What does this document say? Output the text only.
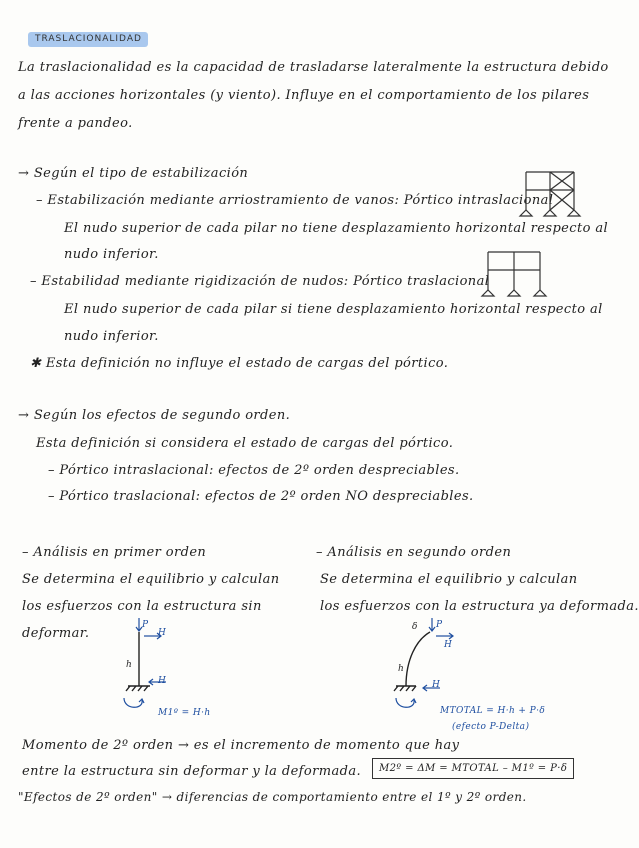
TRASLACIONALIDAD
La traslacionalidad es la capacidad de trasladarse lateralmente la estructura debido
a las acciones horizontales (y viento). Influye en el comportamiento de los pilares
frente a pandeo.
→ Según el tipo de estabilización
– Estabilización mediante arriostramiento de vanos: Pórtico intraslacional
El nudo superior de cada pilar no tiene desplazamiento horizontal respecto al
nudo inferior.
– Estabilidad mediante rigidización de nudos: Pórtico traslacional
El nudo superior de cada pilar si tiene desplazamiento horizontal respecto al
nudo inferior.
✱ Esta definición no influye el estado de cargas del pórtico.
→ Según los efectos de segundo orden.
Esta definición si considera el estado de cargas del pórtico.
– Pórtico intraslacional: efectos de 2º orden despreciables.
– Pórtico traslacional: efectos de 2º orden NO despreciables.
– Análisis en primer orden
Se determina el equilibrio y calculan
los esfuerzos con la estructura sin
deformar.
– Análisis en segundo orden
Se determina el equilibrio y calculan
los esfuerzos con la estructura ya deformada.
P
H
h
H
M1º = H·h
δ P
H
h
H
MTOTAL = H·h + P·δ
(efecto P-Delta)
Momento de 2º orden → es el incremento de momento que hay
entre la estructura sin deformar y la deformada.	M2º = ΔM = MTOTAL – M1º = P·δ
"Efectos de 2º orden" → diferencias de comportamiento entre el 1º y 2º orden.
